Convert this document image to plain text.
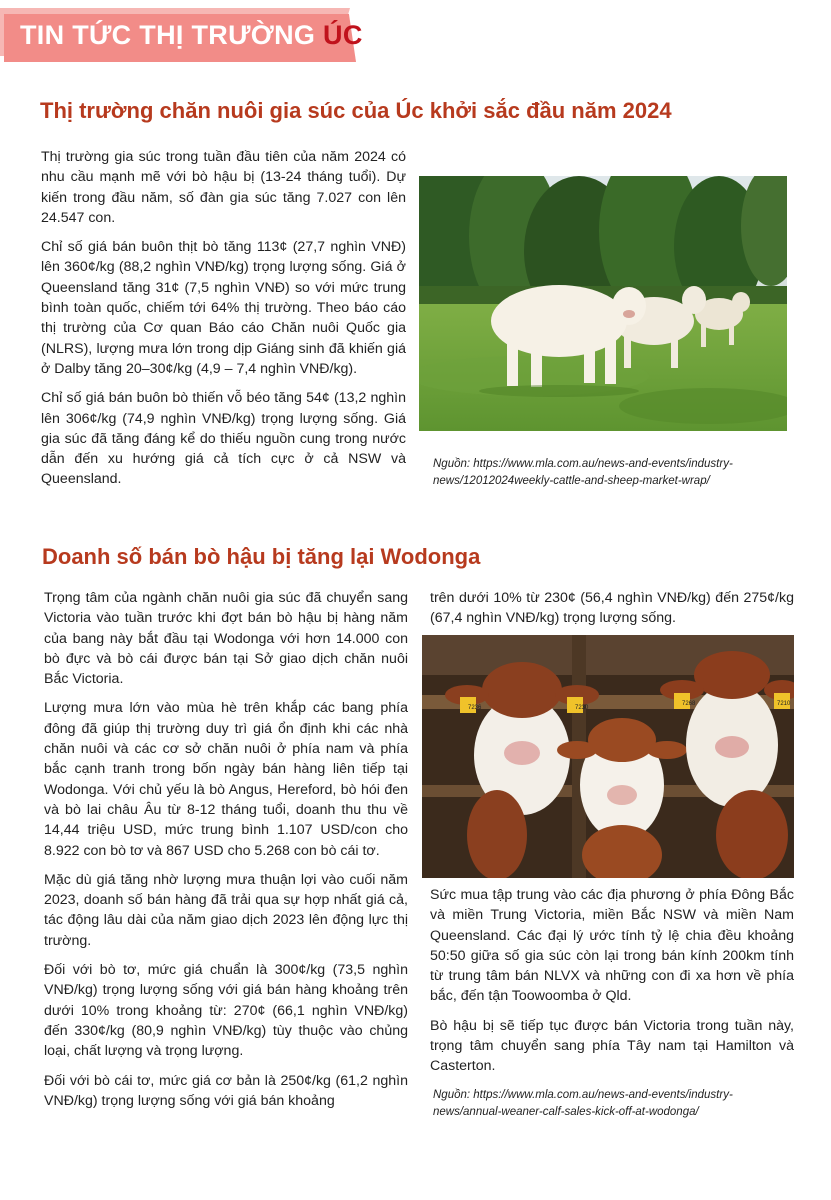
TIN TỨC THỊ TRƯỜNG ÚC
Thị trường chăn nuôi gia súc của Úc khởi sắc đầu năm 2024

Thị trường gia súc trong tuần đầu tiên của năm 2024 có nhu cầu mạnh mẽ với bò hậu bị (13-24 tháng tuổi). Dự kiến trong đầu năm, số đàn gia súc tăng 7.027 con lên 24.547 con.

Chỉ số giá bán buôn thịt bò tăng 113¢ (27,7 nghìn VNĐ) lên 360¢/kg (88,2 nghìn VNĐ/kg) trọng lượng sống. Giá ở Queensland tăng 31¢ (7,5 nghìn VNĐ) so với mức trung bình toàn quốc, chiếm tới 64% thị trường. Theo báo cáo thị trường của Cơ quan Báo cáo Chăn nuôi Quốc gia (NLRS), lượng mưa lớn trong dịp Giáng sinh đã khiến giá ở Dalby tăng 20–30¢/kg (4,9 – 7,4 nghìn VNĐ/kg).

Chỉ số giá bán buôn bò thiến vỗ béo tăng 54¢ (13,2 nghìn lên 306¢/kg (74,9 nghìn VNĐ/kg) trọng lượng sống. Giá gia súc đã tăng đáng kể do thiếu nguồn cung trong nước dẫn đến xu hướng giá cả tích cực ở cả NSW và Queensland.

Nguồn: https://www.mla.com.au/news-and-events/industry-news/12012024weekly-cattle-and-sheep-market-wrap/
Doanh số bán bò hậu bị tăng lại Wodonga

Trọng tâm của ngành chăn nuôi gia súc đã chuyển sang Victoria vào tuần trước khi đợt bán bò hậu bị hàng năm của bang này bắt đầu tại Wodonga với hơn 14.000 con bò đực và bò cái được bán tại Sở giao dịch chăn nuôi Bắc Victoria.

Lượng mưa lớn vào mùa hè trên khắp các bang phía đông đã giúp thị trường duy trì giá ổn định khi các nhà chăn nuôi và các cơ sở chăn nuôi ở phía nam và phía bắc cạnh tranh trong bốn ngày bán hàng liên tiếp tại Wodonga. Với chủ yếu là bò Angus, Hereford, bò hói đen và bò lai châu Âu từ 8-12 tháng tuổi, doanh thu thu về 14,44 triệu USD, mức trung bình 1.107 USD/con cho 8.922 con bò tơ và 867 USD cho 5.268 con bò cái tơ.

Mặc dù giá tăng nhờ lượng mưa thuận lợi vào cuối năm 2023, doanh số bán hàng đã trải qua sự hợp nhất giá cả, tác động lâu dài của năm giao dịch 2023 lên động lực thị trường.

Đối với bò tơ, mức giá chuẩn là 300¢/kg (73,5 nghìn VNĐ/kg) trọng lượng sống với giá bán hàng khoảng trên dưới 10% trong khoảng từ: 270¢ (66,1 nghìn VNĐ/kg) đến 330¢/kg (80,9 nghìn VNĐ/kg) tùy thuộc vào chủng loại, chất lượng và trọng lượng.

Đối với bò cái tơ, mức giá cơ bản là 250¢/kg (61,2 nghìn VNĐ/kg) trọng lượng sống với giá bán khoảng

trên dưới 10% từ 230¢ (56,4 nghìn VNĐ/kg) đến 275¢/kg (67,4 nghìn VNĐ/kg) trọng lượng sống.

7236	7230
7268	7210

Sức mua tập trung vào các địa phương ở phía Đông Bắc và miền Trung Victoria, miền Bắc NSW và miền Nam Queensland. Các đại lý ước tính tỷ lệ chia đều khoảng 50:50 giữa số gia súc còn lại trong bán kính 200km tính từ trung tâm bán NLVX và những con đi xa hơn về phía bắc, đến tận Toowoomba ở Qld.

Bò hậu bị sẽ tiếp tục được bán Victoria trong tuần này, trọng tâm chuyển sang phía Tây nam tại Hamilton và Casterton.

Nguồn: https://www.mla.com.au/news-and-events/industry-news/annual-weaner-calf-sales-kick-off-at-wodonga/
